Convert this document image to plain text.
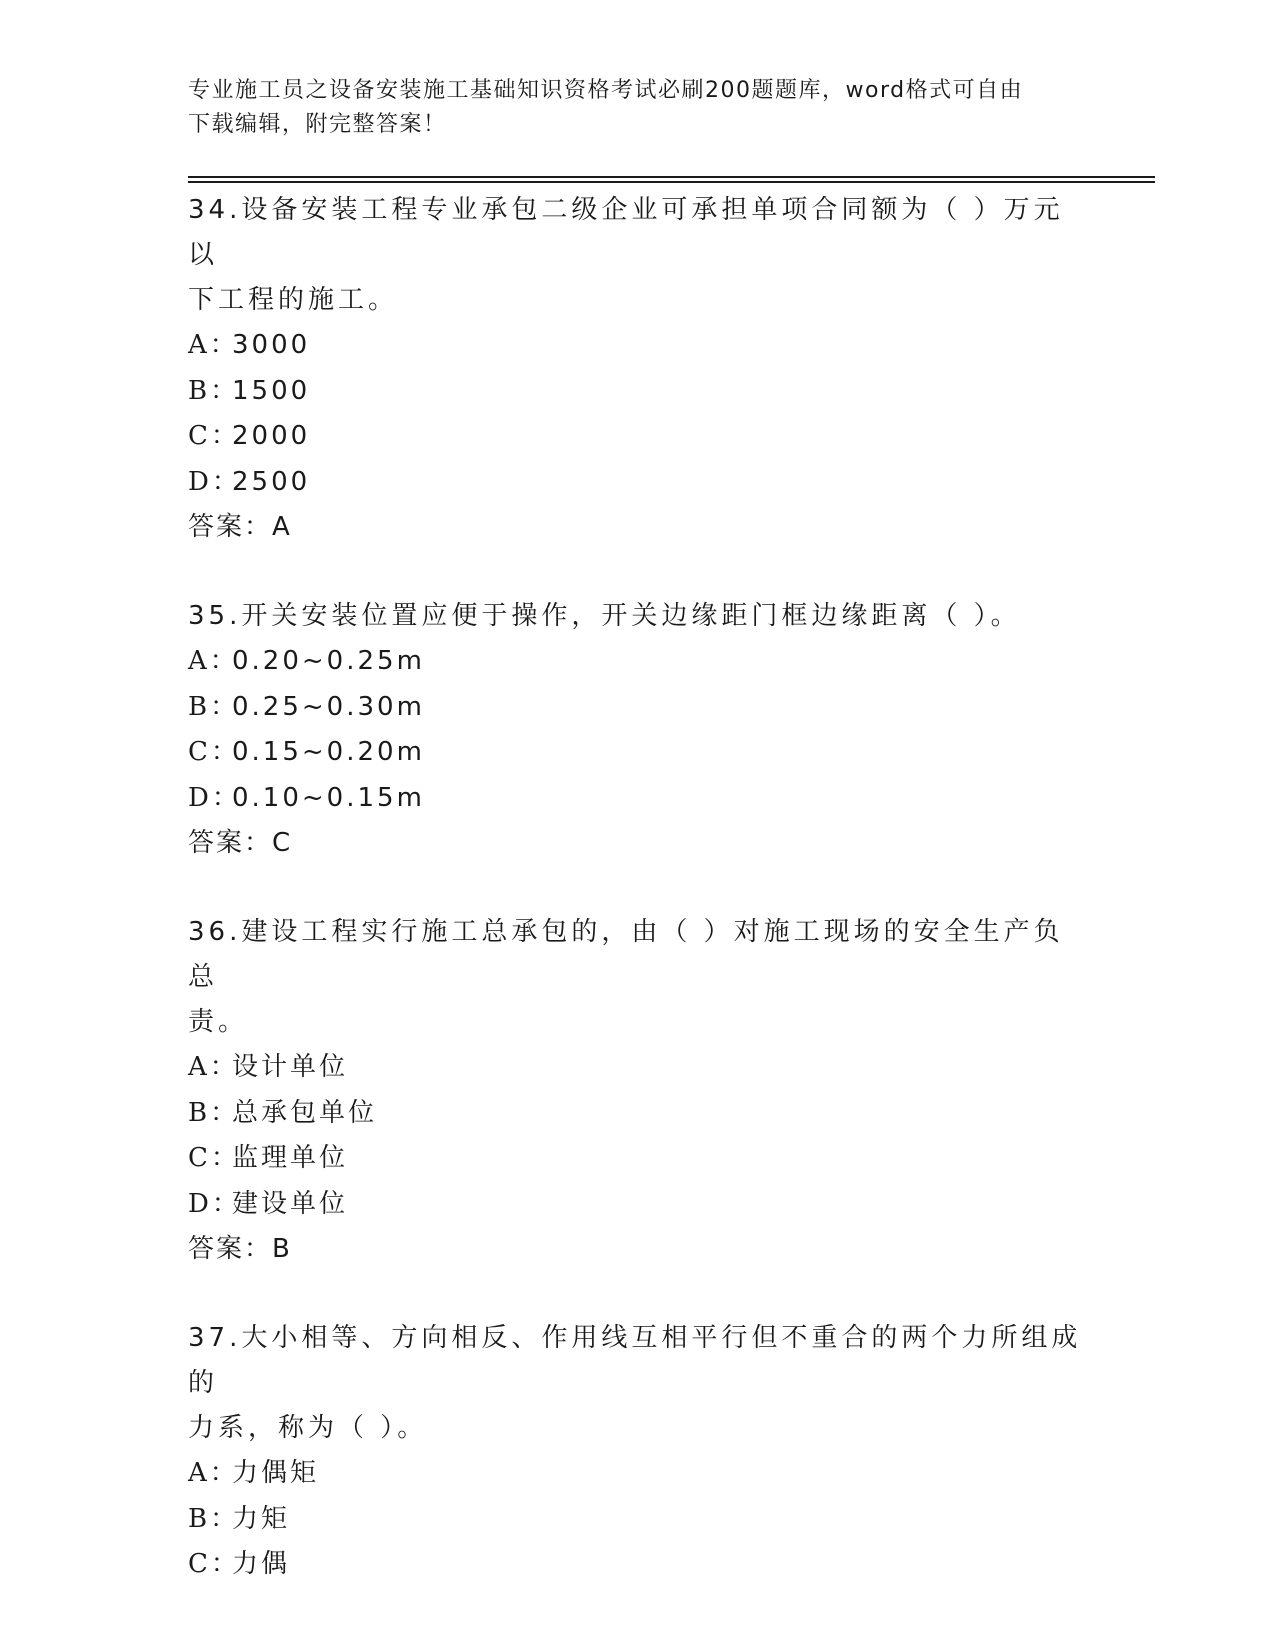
专业施工员之设备安装施工基础知识资格考试必刷200题题库，word格式可自由
下载编辑，附完整答案！

34.设备安装工程专业承包二级企业可承担单项合同额为（ ）万元以
下工程的施工。

A：3000

B：1500

C：2000

D：2500

答案：A

35.开关安装位置应便于操作，开关边缘距门框边缘距离（ ）。

A：0.20~0.25m

B：0.25~0.30m

C：0.15~0.20m

D：0.10~0.15m

答案：C

36.建设工程实行施工总承包的，由（ ）对施工现场的安全生产负总
责。

A：设计单位

B：总承包单位

C：监理单位

D：建设单位

答案：B

37.大小相等、方向相反、作用线互相平行但不重合的两个力所组成的
力系，称为（ ）。

A：力偶矩

B：力矩

C：力偶
